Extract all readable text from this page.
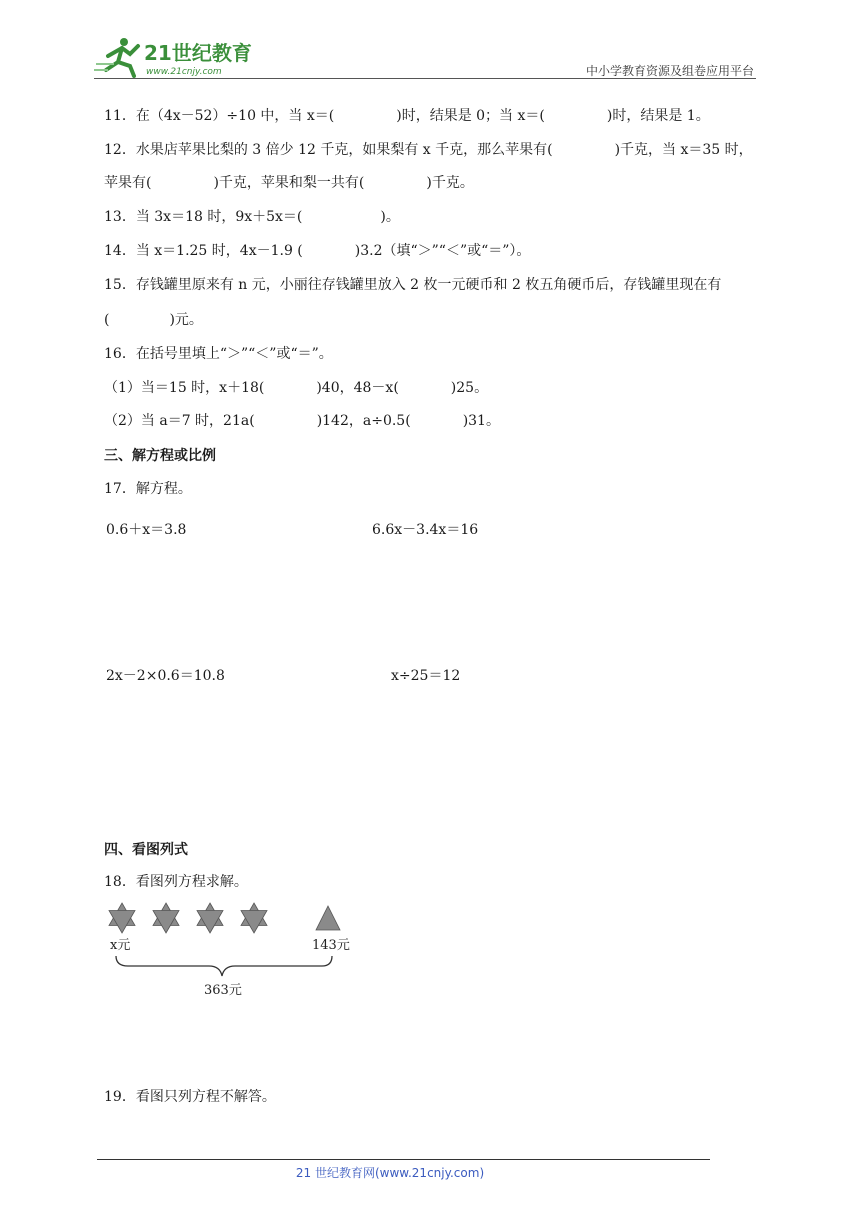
21世纪教育
www.21cnjy.com	中小学教育资源及组卷应用平台
11．在（4x－52）÷10 中，当 x＝(	)时，结果是 0；当 x＝(	)时，结果是 1。
12．水果店苹果比梨的 3 倍少 12 千克，如果梨有 x 千克，那么苹果有(	)千克，当 x＝35 时，
苹果有(	)千克，苹果和梨一共有(	)千克。
13．当 3x＝18 时，9x＋5x＝(	)。
14．当 x＝1.25 时，4x－1.9 (	)3.2（填“＞”“＜”或“＝”）。
15．存钱罐里原来有 n 元，小丽往存钱罐里放入 2 枚一元硬币和 2 枚五角硬币后，存钱罐里现在有
(	)元。
16．在括号里填上“＞”“＜”或“＝”。
（1）当＝15 时，x＋18(	)40，48－x(	)25。
（2）当 a＝7 时，21a(	)142，a÷0.5(	)31。
三、解方程或比例
17．解方程。
0.6＋x＝3.8	6.6x－3.4x＝16
2x－2×0.6＝10.8	x÷25＝12
四、看图列式
18．看图列方程求解。
x元	143元
363元
19．看图只列方程不解答。
21 世纪教育网(www.21cnjy.com)
